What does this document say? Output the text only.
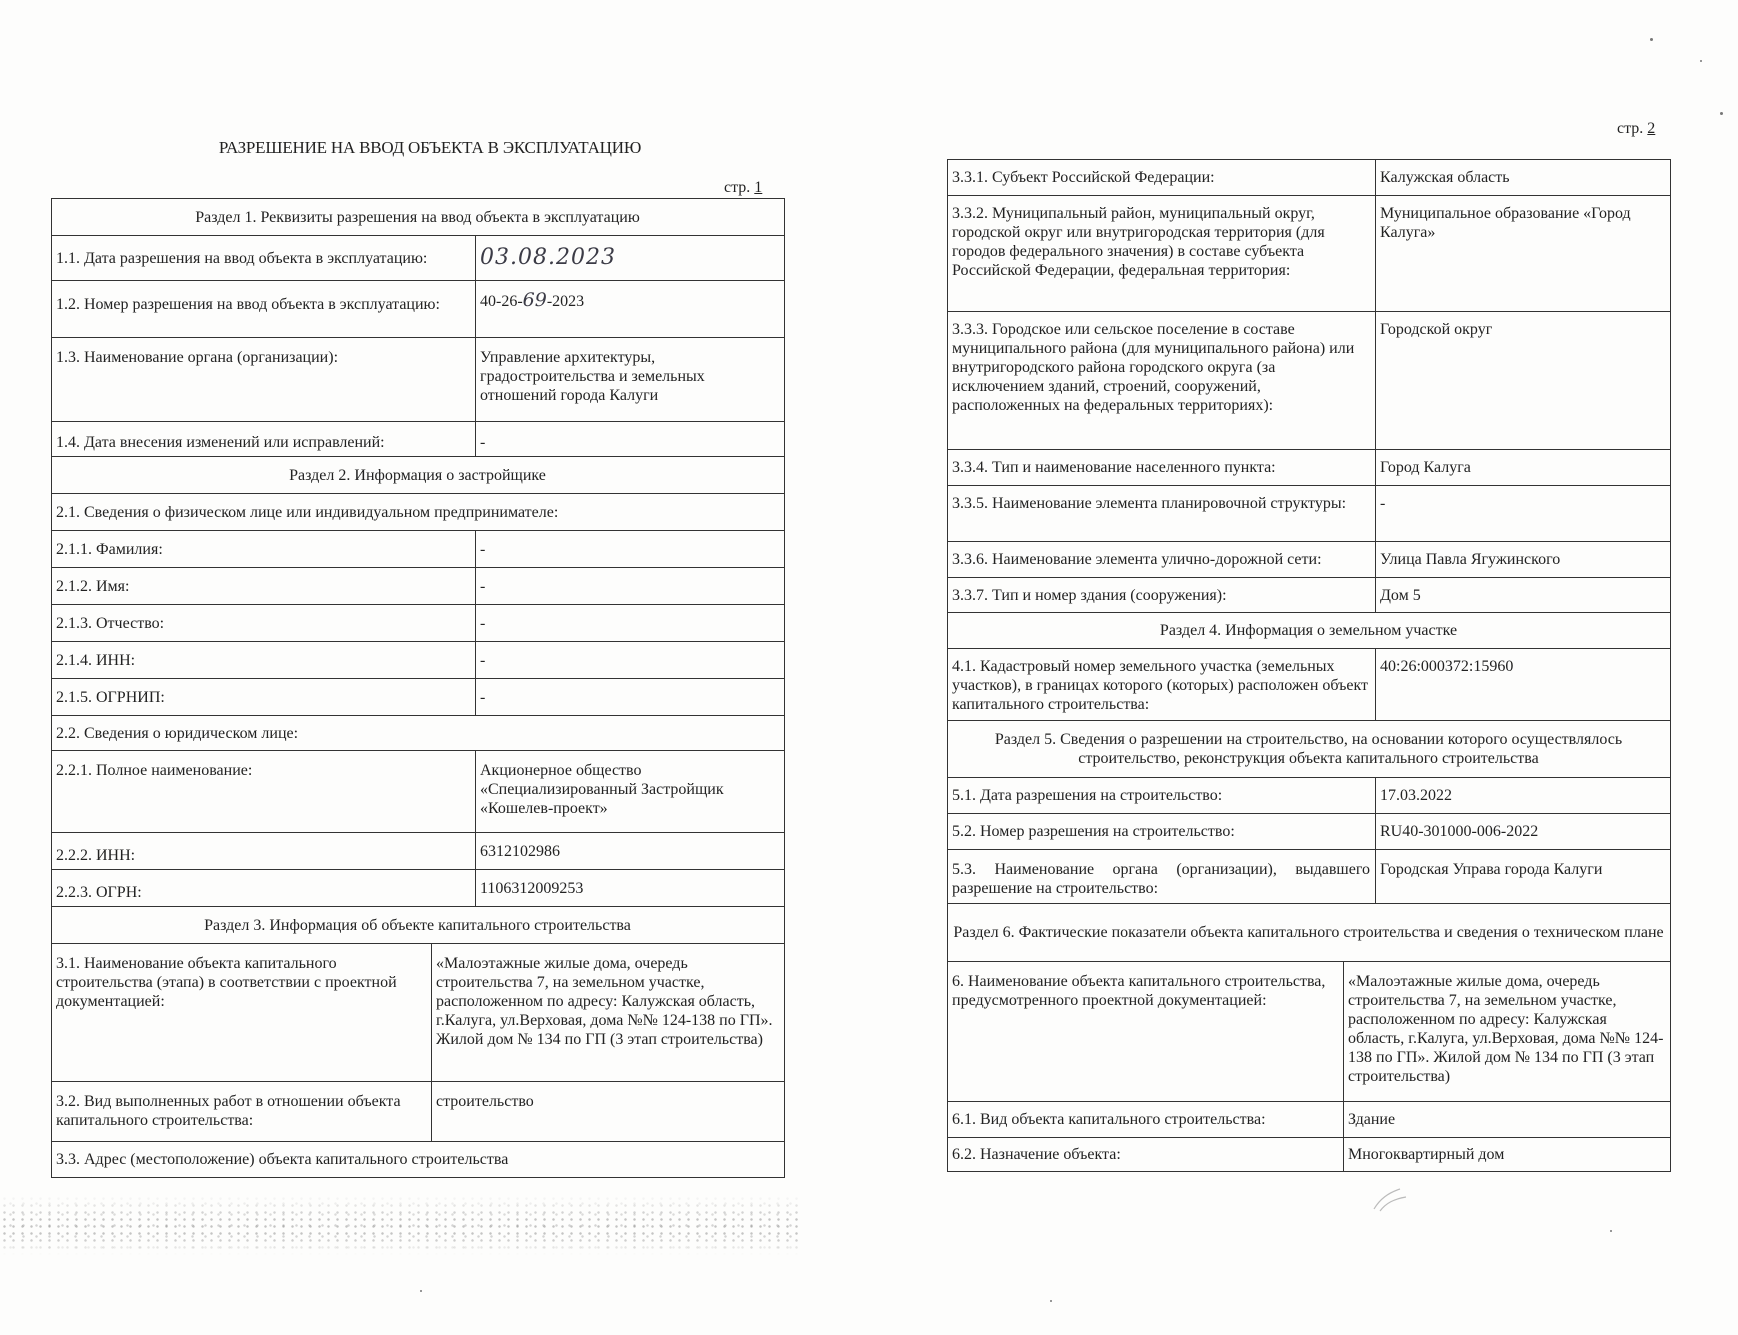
РАЗРЕШЕНИЕ НА ВВОД ОБЪЕКТА В ЭКСПЛУАТАЦИЮ
стр. 1
Раздел 1. Реквизиты разрешения на ввод объекта в эксплуатацию		
1.1. Дата разрешения на ввод объекта в эксплуатацию:		03.08.2023
1.2. Номер разрешения на ввод объекта в эксплуатацию:		40-26-69-2023
1.3. Наименование органа (организации):		Управление архитектуры, градостроительства и земельных отношений города Калуги
1.4. Дата внесения изменений или исправлений:		-
Раздел 2. Информация о застройщике		
2.1. Сведения о физическом лице или индивидуальном предпринимателе:		
2.1.1. Фамилия:		-
2.1.2. Имя:		-
2.1.3. Отчество:		-
2.1.4. ИНН:		-
2.1.5. ОГРНИП:		-
2.2. Сведения о юридическом лице:		
2.2.1. Полное наименование:		Акционерное общество «Специализированный Застройщик «Кошелев-проект»
2.2.2. ИНН:		6312102986
2.2.3. ОГРН:		1106312009253
Раздел 3. Информация об объекте капитального строительства		
3.1. Наименование объекта капитального строительства (этапа) в соответствии с проектной документацией:	«Малоэтажные жилые дома, очередь строительства 7, на земельном участке, расположенном по адресу: Калужская область, г.Калуга, ул.Верховая, дома №№ 124-138 по ГП». Жилой дом № 134 по ГП (3 этап строительства)	
3.2. Вид выполненных работ в отношении объекта капитального строительства:	строительство	
3.3. Адрес (местоположение) объекта капитального строительства		
стр. 2
3.3.1. Субъект Российской Федерации:		Калужская область
3.3.2. Муниципальный район, муниципальный округ, городской округ или внутригородская территория (для городов федерального значения) в составе субъекта Российской Федерации, федеральная территория:		Муниципальное образование «Город Калуга»
3.3.3. Городское или сельское поселение в составе муниципального района (для муниципального района) или внутригородского района городского округа (за исключением зданий, строений, сооружений, расположенных на федеральных территориях):		Городской округ
3.3.4. Тип и наименование населенного пункта:		Город Калуга
3.3.5. Наименование элемента планировочной структуры:		-
3.3.6. Наименование элемента улично-дорожной сети:		Улица Павла Ягужинского
3.3.7. Тип и номер здания (сооружения):		Дом 5
Раздел 4. Информация о земельном участке		
4.1. Кадастровый номер земельного участка (земельных участков), в границах которого (которых) расположен объект капитального строительства:		40:26:000372:15960
Раздел 5. Сведения о разрешении на строительство, на основании которого осуществлялось строительство, реконструкция объекта капитального строительства		
5.1. Дата разрешения на строительство:		17.03.2022
5.2. Номер разрешения на строительство:		RU40-301000-006-2022
5.3. Наименование органа (организации), выдавшего разрешение на строительство:		Городская Управа города Калуги
Раздел 6. Фактические показатели объекта капитального строительства и сведения о техническом плане		
6. Наименование объекта капитального строительства, предусмотренного проектной документацией:	«Малоэтажные жилые дома, очередь строительства 7, на земельном участке, расположенном по адресу: Калужская область, г.Калуга, ул.Верховая, дома №№ 124-138 по ГП». Жилой дом № 134 по ГП (3 этап строительства)	
6.1. Вид объекта капитального строительства:	Здание	
6.2. Назначение объекта:	Многоквартирный дом	
